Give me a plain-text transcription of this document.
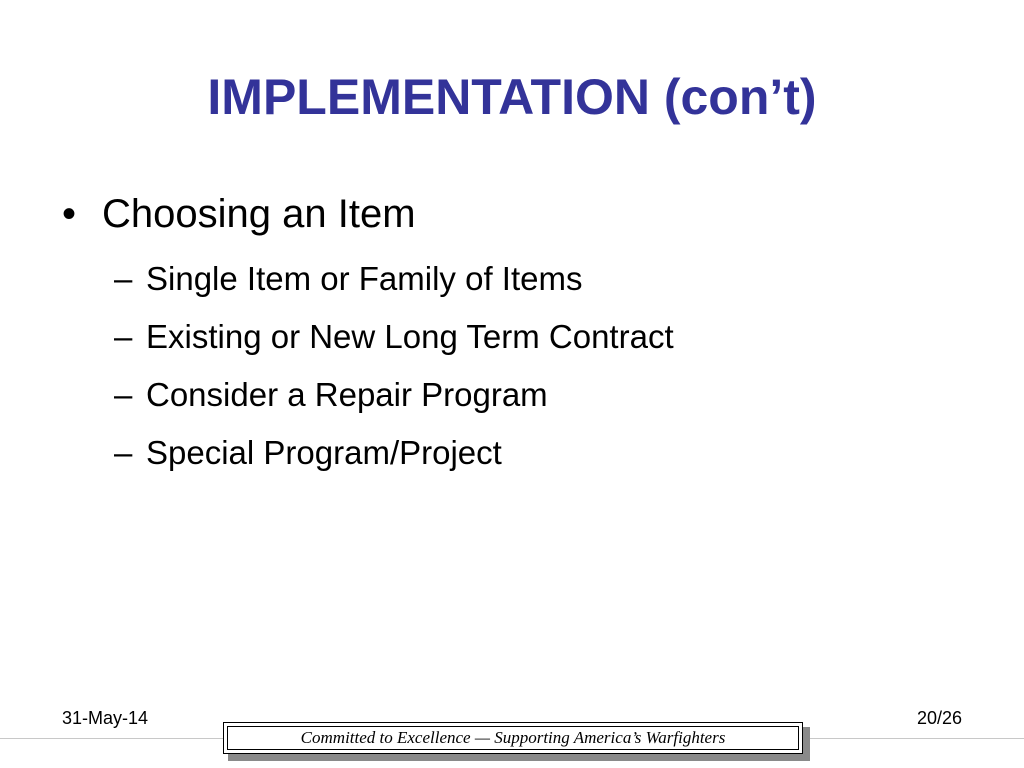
IMPLEMENTATION (con’t)
• Choosing an Item
– Single Item or Family of Items
– Existing or New Long Term Contract
– Consider a Repair Program
– Special Program/Project
31-May-14	20/26
Committed to Excellence — Supporting America’s Warfighters
